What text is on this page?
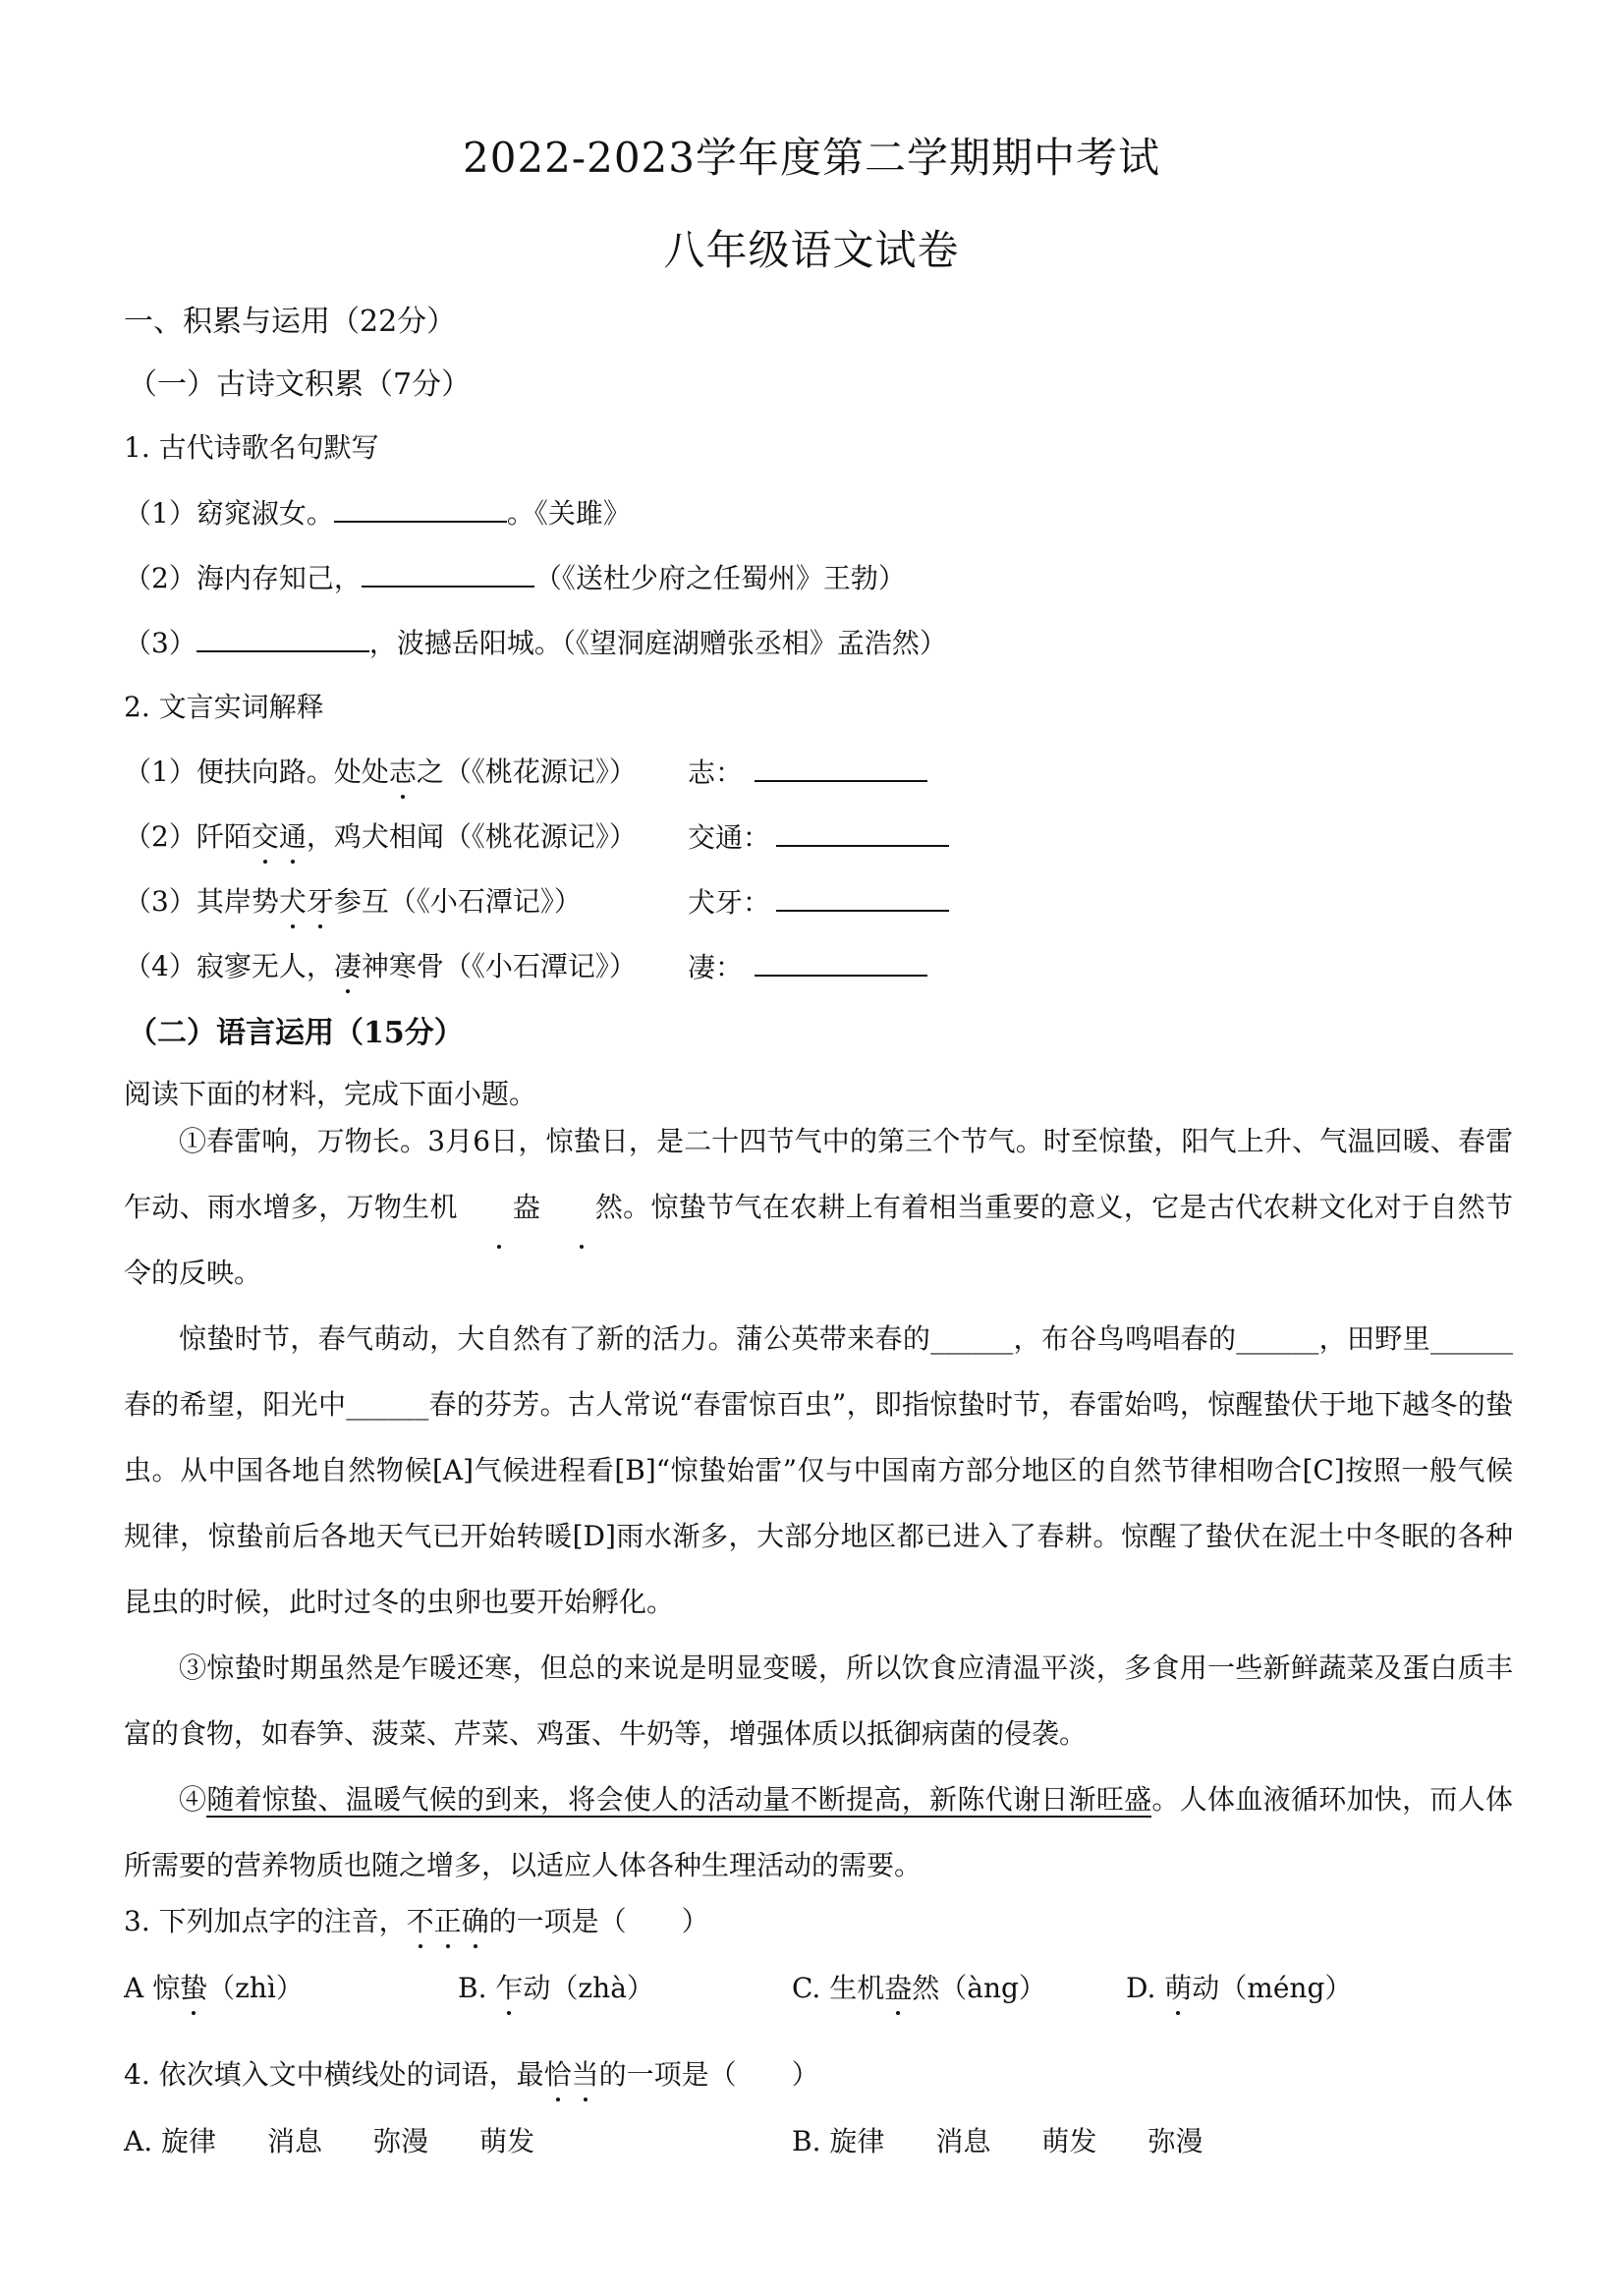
2022-2023学年度第二学期期中考试
八年级语文试卷
一、积累与运用（22分）
（一）古诗文积累（7分）
1. 古代诗歌名句默写
（1）窈窕淑女。	。《关雎》
（2）海内存知己，	（《送杜少府之任蜀州》王勃）
（3）	，波撼岳阳城。（《望洞庭湖赠张丞相》孟浩然）
2. 文言实词解释
（1）便扶向路。处处志之（《桃花源记》） 志：
（2）阡陌交通，鸡犬相闻（《桃花源记》） 交通：
（3）其岸势犬牙参互（《小石潭记》）	犬牙：
（4）寂寥无人，凄神寒骨（《小石潭记》） 凄：
（二）语言运用（15分）
阅读下面的材料，完成下面小题。

①春雷响，万物长。3月6日，惊蛰日，是二十四节气中的第三个节气。时至惊蛰，阳气上升、气温回暖、春雷乍动、雨水增多，万物生机 盎 然。惊蛰节气在农耕上有着相当重要的意义，它是古代农耕文化对于自然节令的反映。

惊蛰时节，春气萌动，大自然有了新的活力。蒲公英带来春的______，布谷鸟鸣唱春的______，田野里______春的希望，阳光中______春的芬芳。古人常说“春雷惊百虫”，即指惊蛰时节，春雷始鸣，惊醒蛰伏于地下越冬的蛰虫。从中国各地自然物候[A]气候进程看[B]“惊蛰始雷”仅与中国南方部分地区的自然节律相吻合[C]按照一般气候规律，惊蛰前后各地天气已开始转暖[D]雨水渐多，大部分地区都已进入了春耕。惊醒了蛰伏在泥土中冬眠的各种昆虫的时候，此时过冬的虫卵也要开始孵化。

③惊蛰时期虽然是乍暖还寒，但总的来说是明显变暖，所以饮食应清温平淡，多食用一些新鲜蔬菜及蛋白质丰富的食物，如春笋、菠菜、芹菜、鸡蛋、牛奶等，增强体质以抵御病菌的侵袭。

④随着惊蛰、温暖气候的到来，将会使人的活动量不断提高，新陈代谢日渐旺盛。人体血液循环加快，而人体所需要的营养物质也随之增多，以适应人体各种生理活动的需要。

3. 下列加点字的注音，不正确的一项是（　　）
A 惊蛰（zhì）	B. 乍动（zhà）	C. 生机盎然（àng）	D. 萌动（méng）
4. 依次填入文中横线处的词语，最恰当的一项是（　　）
A. 旋律 消息 弥漫 萌发	B. 旋律 消息 萌发 弥漫
